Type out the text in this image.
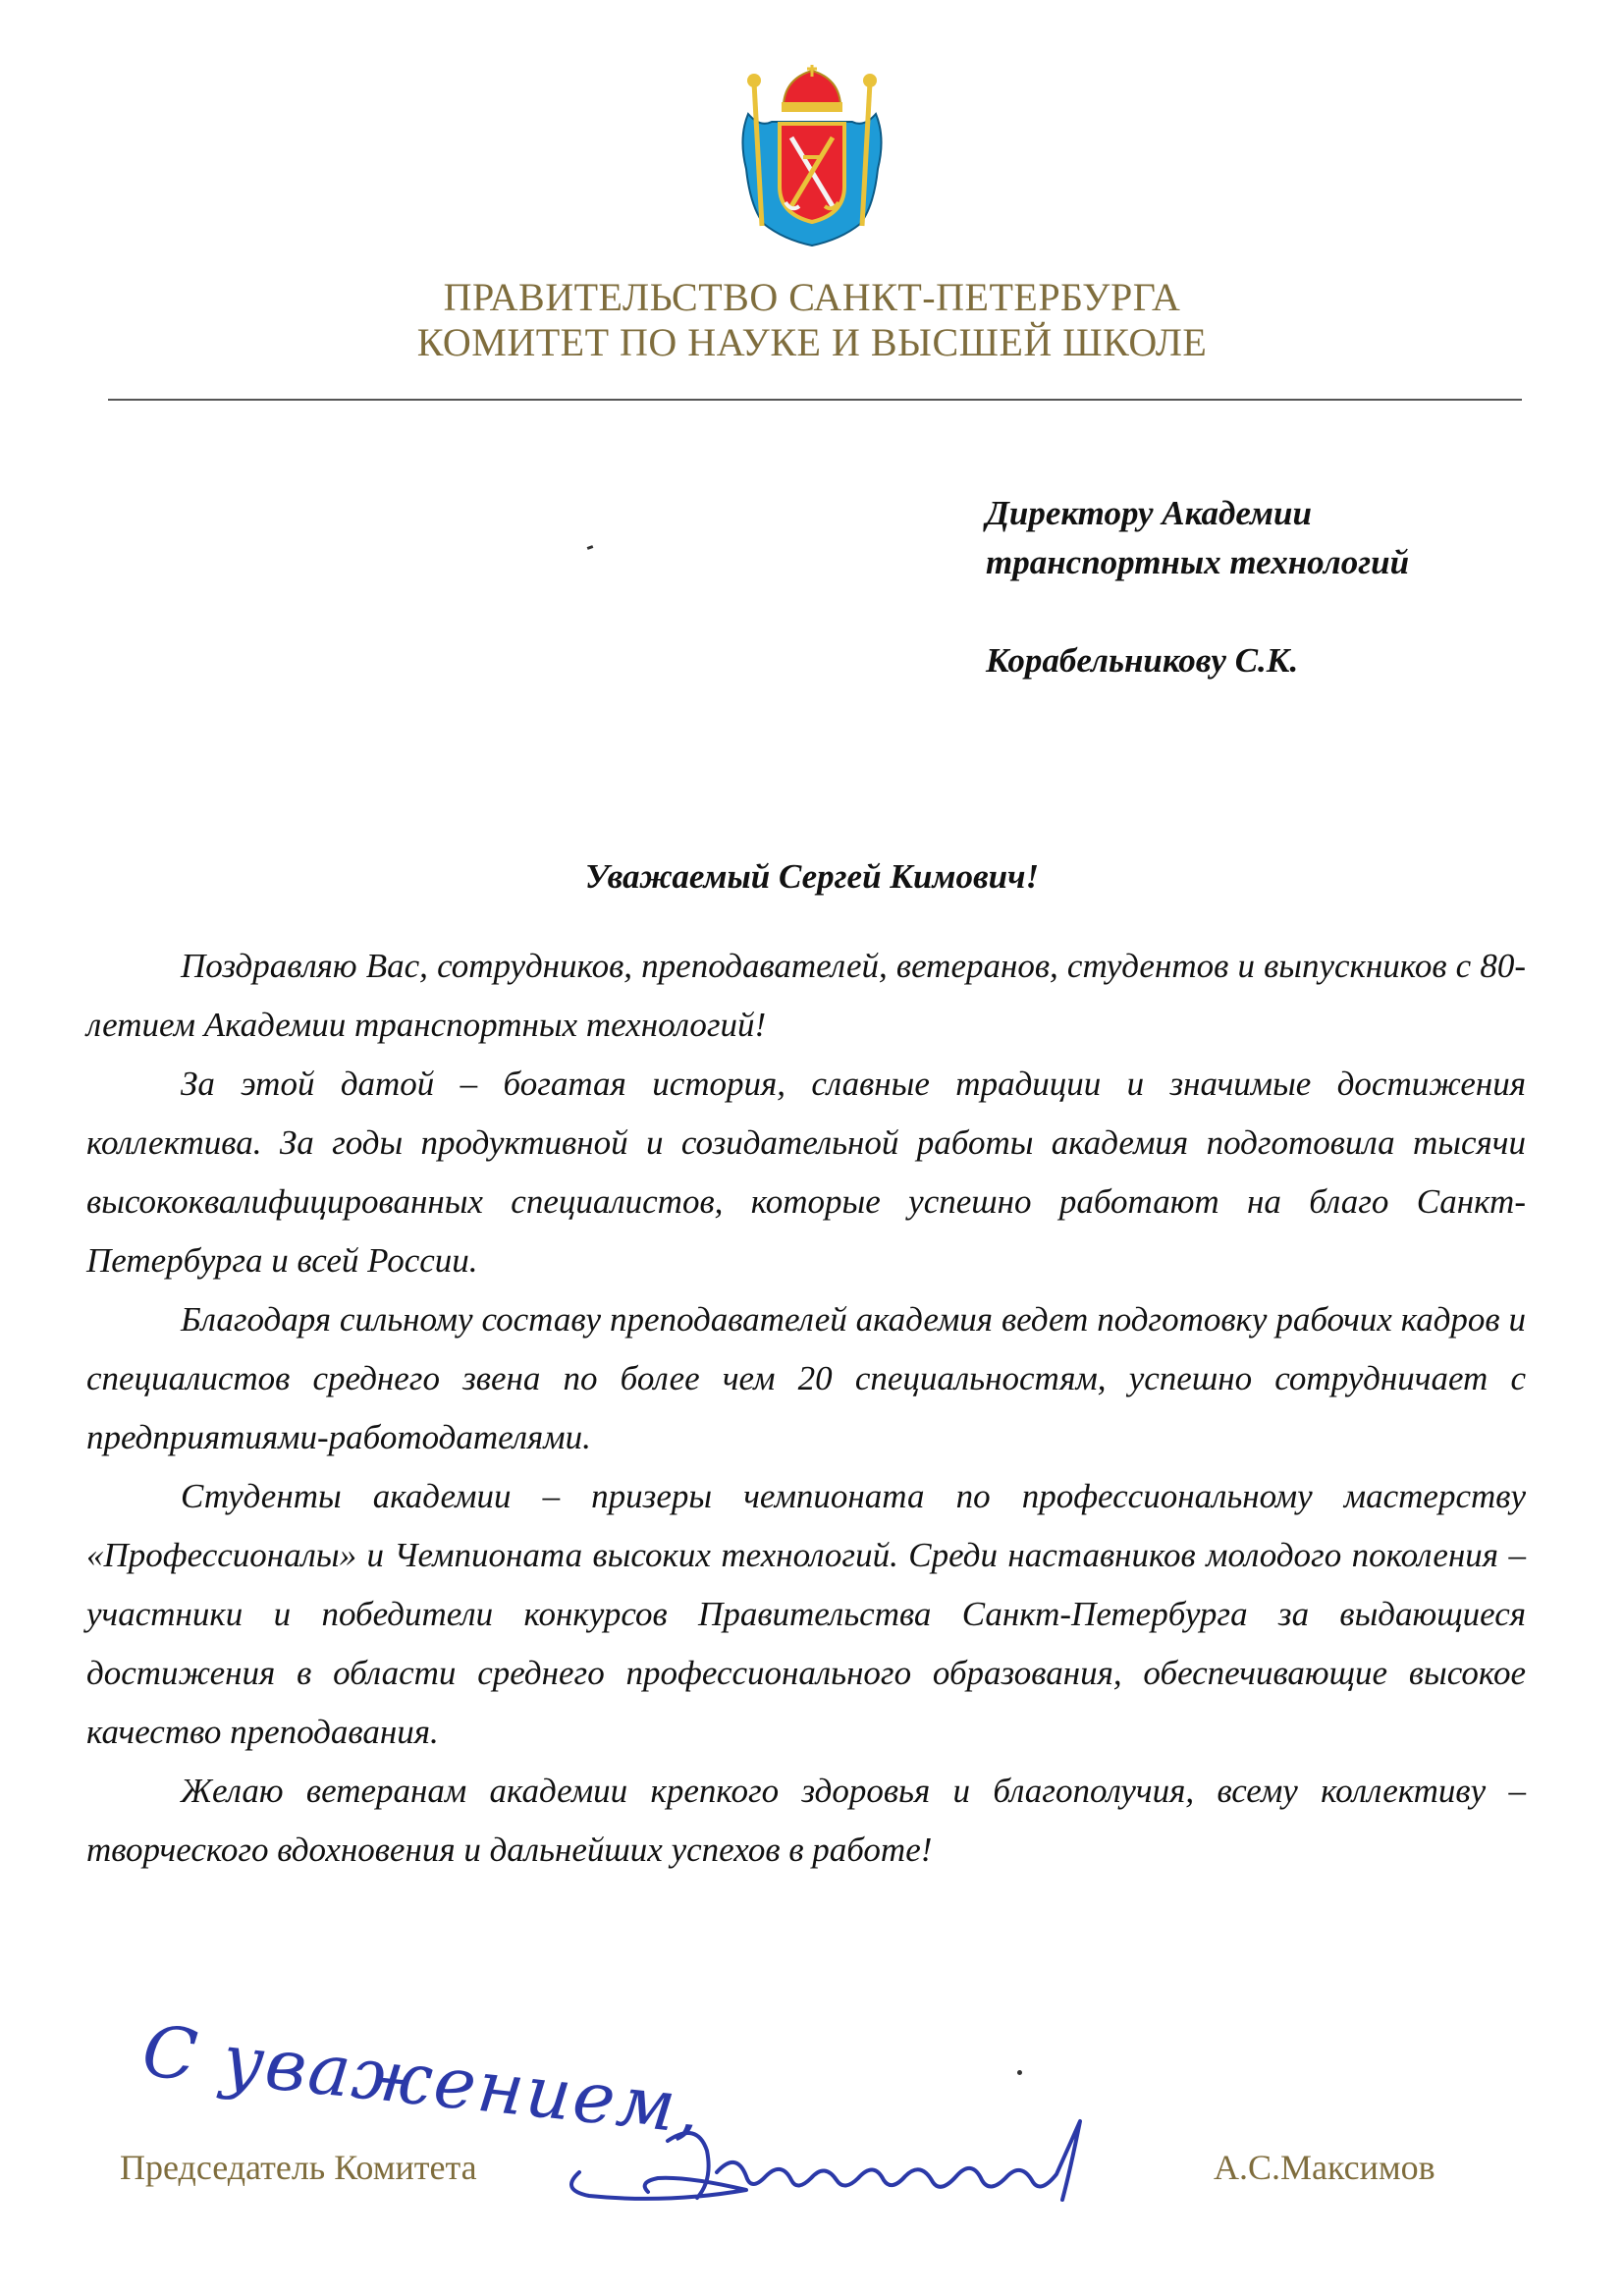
ПРАВИТЕЛЬСТВО САНКТ-ПЕТЕРБУРГА
КОМИТЕТ ПО НАУКЕ И ВЫСШЕЙ ШКОЛЕ
Директору Академии
транспортных технологий
Корабельникову С.К.
Уважаемый Сергей Кимович!

Поздравляю Вас, сотрудников, преподавателей, ветеранов, студентов и выпускников с 80-летием Академии транспортных технологий!

За этой датой – богатая история, славные традиции и значимые достижения коллектива. За годы продуктивной и созидательной работы академия подготовила тысячи высококвалифицированных специалистов, которые успешно работают на благо Санкт-Петербурга и всей России.

Благодаря сильному составу преподавателей академия ведет подготовку рабочих кадров и специалистов среднего звена по более чем 20 специальностям, успешно сотрудничает с предприятиями-работодателями.

Студенты академии – призеры чемпионата по профессиональному мастерству «Профессионалы» и Чемпионата высоких технологий. Среди наставников молодого поколения – участники и победители конкурсов Правительства Санкт-Петербурга за выдающиеся достижения в области среднего профессионального образования, обеспечивающие высокое качество преподавания.

Желаю ветеранам академии крепкого здоровья и благополучия, всему коллективу – творческого вдохновения и дальнейших успехов в работе!

С уважением,
Председатель Комитета	А.С.Максимов
